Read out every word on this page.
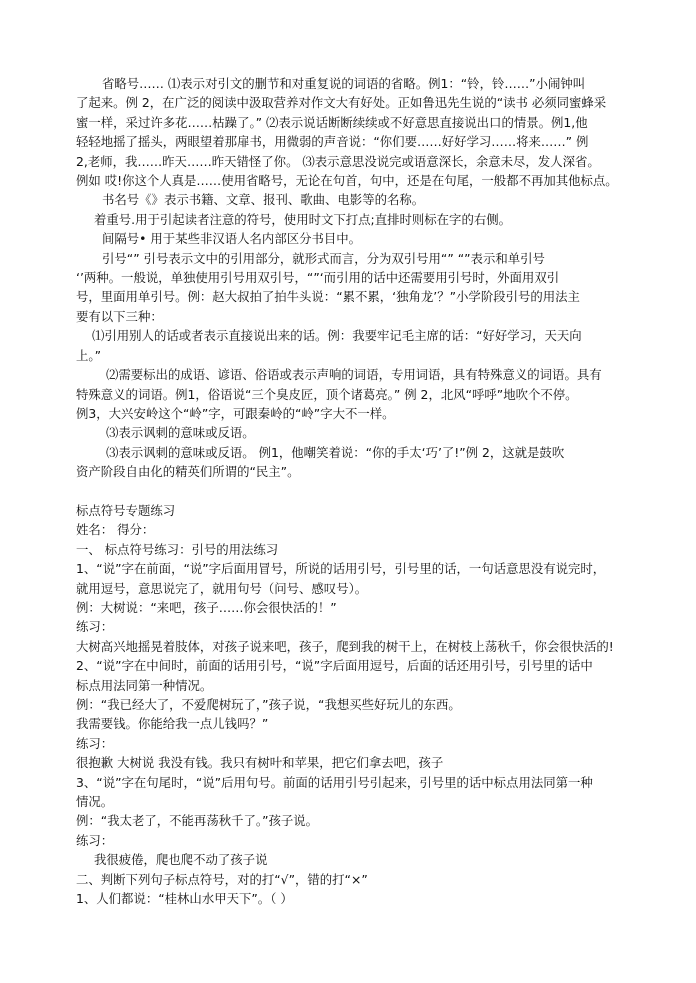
省略号…… ⑴表示对引文的删节和对重复说的词语的省略。例1：“铃，铃……”小闹钟叫
了起来。例 2，在广泛的阅读中汲取营养对作文大有好处。正如鲁迅先生说的“读书 必须同蜜蜂采
蜜一样，采过许多花……枯躁了。” ⑵表示说话断断续续或不好意思直接说出口的情景。例1,他
轻轻地摇了摇头，两眼望着那扉书，用微弱的声音说：“你们要……好好学习……将来……” 例
2,老师，我……昨天……昨天错怪了你。 ⑶表示意思没说完或语意深长，余意未尽，发人深省。
例如 哎!你这个人真是……使用省略号，无论在句首，句中，还是在句尾，一般都不再加其他标点。
书名号《》表示书籍、文章、报刊、歌曲、电影等的名称。
着重号.用于引起读者注意的符号，使用时文下打点;直排时则标在字的右侧。
间隔号• 用于某些非汉语人名内部区分书目中。
引号“” 引号表示文中的引用部分，就形式而言，分为双引号用“” “”表示和单引号
‘’两种。一般说，单独使用引号用双引号，“”‘而引用的话中还需要用引号时，外面用双引
号，里面用单引号。例：赵大叔拍了拍牛头说：“累不累，‘独角龙’？”小学阶段引号的用法主
要有以下三种：
⑴引用别人的话或者表示直接说出来的话。例：我要牢记毛主席的话：“好好学习，天天向
上。”
⑵需要标出的成语、谚语、俗语或表示声响的词语，专用词语，具有特殊意义的词语。具有
特殊意义的词语。例1，俗语说“三个臭皮匠，顶个诸葛亮。” 例 2，北风“呼呼”地吹个不停。
例3，大兴安岭这个“岭”字，可跟秦岭的“岭”字大不一样。
⑶表示讽刺的意味或反语。
⑶表示讽刺的意味或反语。 例1，他嘲笑着说：“你的手太‘巧’了!”例 2，这就是鼓吹
资产阶段自由化的精英们所谓的“民主”。
标点符号专题练习
姓名： 得分：
一、 标点符号练习：引号的用法练习
1、“说”字在前面，“说”字后面用冒号，所说的话用引号，引号里的话，一句话意思没有说完时，
就用逗号，意思说完了，就用句号（问号、感叹号）。
例：大树说：“来吧，孩子……你会很快活的！”
练习：
大树高兴地摇晃着肢体，对孩子说来吧，孩子，爬到我的树干上，在树枝上荡秋千，你会很快活的!
2、“说”字在中间时，前面的话用引号，“说”字后面用逗号，后面的话还用引号，引号里的话中
标点用法同第一种情况。
例：“我已经大了，不爱爬树玩了，”孩子说，“我想买些好玩儿的东西。
我需要钱。你能给我一点儿钱吗？”
练习：
很抱歉 大树说 我没有钱。我只有树叶和苹果，把它们拿去吧，孩子
3、“说”字在句尾时，“说”后用句号。前面的话用引号引起来，引号里的话中标点用法同第一种
情况。
例：“我太老了，不能再荡秋千了。”孩子说。
练习：
我很疲倦，爬也爬不动了孩子说
二、判断下列句子标点符号，对的打“√”，错的打“×”
1、人们都说：“桂林山水甲天下”。（ ）
